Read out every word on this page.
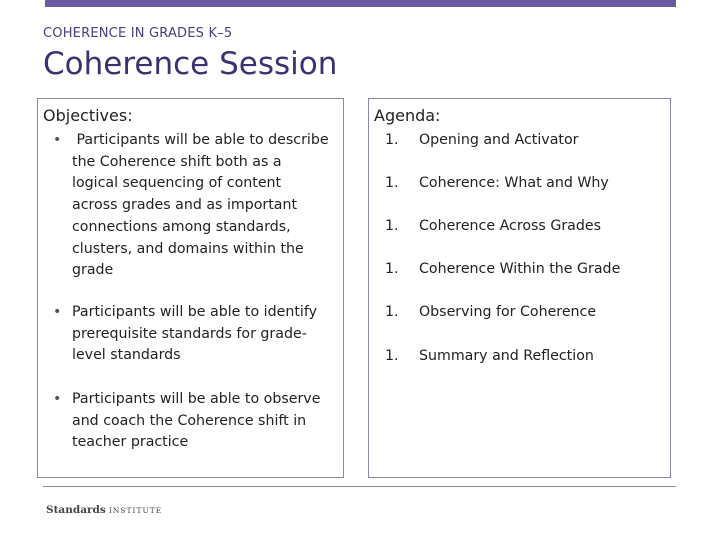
COHERENCE IN GRADES K–5
Coherence Session
Objectives:
• Participants will be able to describe
the Coherence shift both as a
logical sequencing of content
across grades and as important
connections among standards,
clusters, and domains within the
grade
• Participants will be able to identify
prerequisite standards for grade-
level standards
• Participants will be able to observe
and coach the Coherence shift in
teacher practice
Agenda:
1. Opening and Activator
1. Coherence: What and Why
1. Coherence Across Grades
1. Coherence Within the Grade
1. Observing for Coherence
1. Summary and Reflection
Standards INSTITUTE
